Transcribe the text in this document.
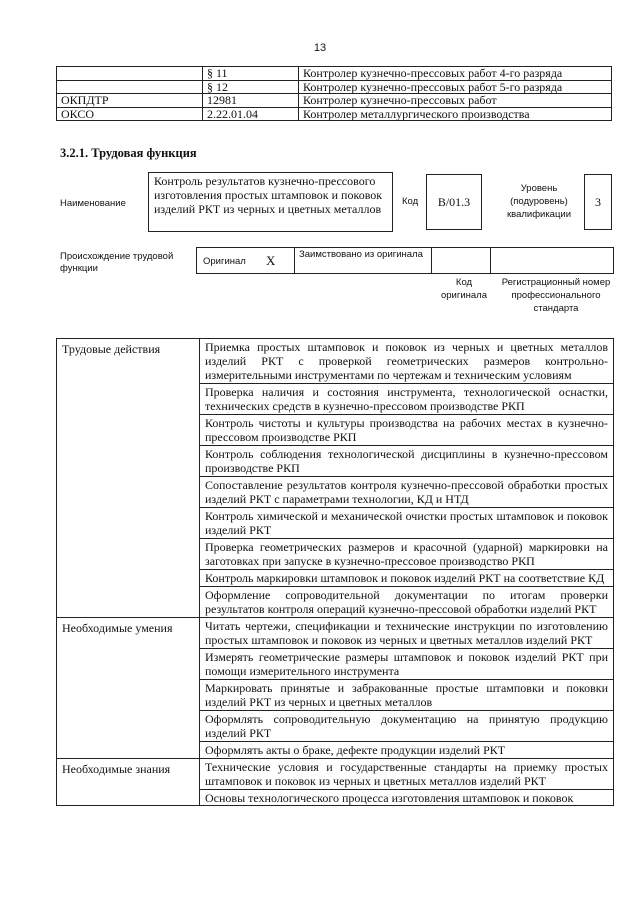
13
	§ 11	Контролер кузнечно-прессовых работ 4-го разряда
	§ 12	Контролер кузнечно-прессовых работ 5-го разряда
ОКПДТР	12981	Контролер кузнечно-прессовых работ
ОКСО	2.22.01.04	Контролер металлургического производства
3.2.1. Трудовая функция
Наименование
Контроль результатов кузнечно-прессового изготовления простых штамповок и поковок изделий РКТ из черных и цветных металлов
Код	В/01.3
Уровень (подуровень) квалификации
3
Происхождение трудовой функции
Оригинал X Заимствовано из оригинала
Код оригинала
Регистрационный номер профессионального стандарта
Трудовые действия	Приемка простых штамповок и поковок из черных и цветных металлов изделий РКТ с проверкой геометрических размеров контрольно-измерительными инструментами по чертежам и техническим условиям
	Проверка наличия и состояния инструмента, технологической оснастки, технических средств в кузнечно-прессовом производстве РКП
	Контроль чистоты и культуры производства на рабочих местах в кузнечно-прессовом производстве РКП
	Контроль соблюдения технологической дисциплины в кузнечно-прессовом производстве РКП
	Сопоставление результатов контроля кузнечно-прессовой обработки простых изделий РКТ с параметрами технологии, КД и НТД
	Контроль химической и механической очистки простых штамповок и поковок изделий РКТ
	Проверка геометрических размеров и красочной (ударной) маркировки на заготовках при запуске в кузнечно-прессовое производство РКП
	Контроль маркировки штамповок и поковок изделий РКТ на соответствие КД
	Оформление сопроводительной документации по итогам проверки результатов контроля операций кузнечно-прессовой обработки изделий РКТ
Необходимые умения	Читать чертежи, спецификации и технические инструкции по изготовлению простых штамповок и поковок из черных и цветных металлов изделий РКТ
	Измерять геометрические размеры штамповок и поковок изделий РКТ при помощи измерительного инструмента
	Маркировать принятые и забракованные простые штамповки и поковки изделий РКТ из черных и цветных металлов
	Оформлять сопроводительную документацию на принятую продукцию изделий РКТ
	Оформлять акты о браке, дефекте продукции изделий РКТ
Необходимые знания	Технические условия и государственные стандарты на приемку простых штамповок и поковок из черных и цветных металлов изделий РКТ
	Основы технологического процесса изготовления штамповок и поковок
